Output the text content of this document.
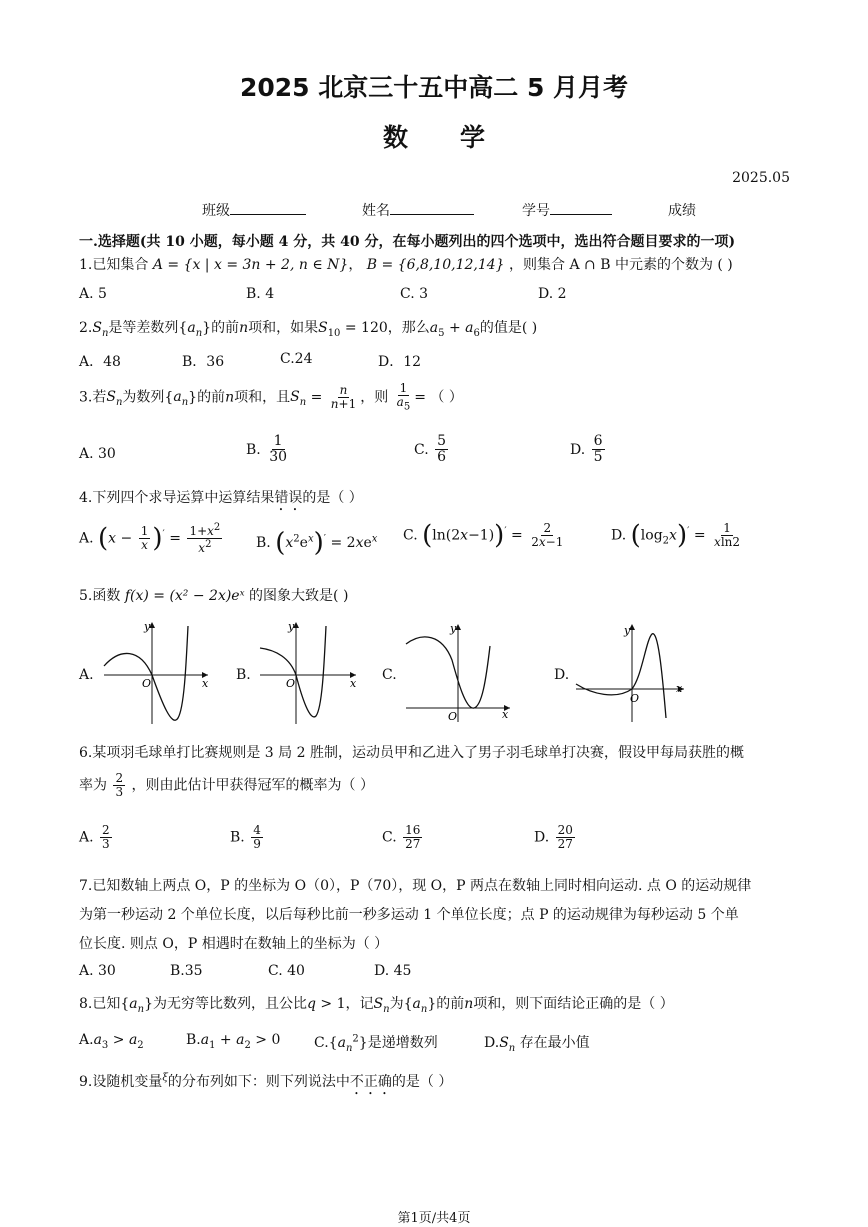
2025 北京三十五中高二 5 月月考
数学
2025.05
班级	姓名	学号	成绩
一.选择题(共 10 小题，每小题 4 分，共 40 分，在每小题列出的四个选项中，选出符合题目要求的一项)
1.已知集合 A = {x | x = 3n + 2, n ∈ N}， B = {6,8,10,12,14} ，则集合 A ∩ B 中元素的个数为 ( )
A. 5	B. 4	C. 3	D. 2
$2.S_n$是等差数列$\{a_n\}$的前n项和，如果$S_{10} = 120$，那么$a_5 + a_6$的值是( )
A．48	B．36	C.24	D．12
3.若$S_n$为数列$\{a_n\}$的前n项和，且$S_n = \frac{n}{n+1}$ ，则 $\frac{1}{a_5}$ = （ ）
A. 30	B. $\frac{1}{30}$	C. $\frac{5}{6}$	D. $\frac{6}{5}$
4.下列四个求导运算中运算结果错误的是（ ）
A. $(x - \frac{1}{x} )' = \frac{1+x^2}{x^2} B$. $(x^2e^x)' = 2xe^x$ C. $(\ln(2x-1))' = \frac{2}{2x-1}$	D. $(\log_2x)' = \frac{1}{xln2}$
5.函数 f(x) = (x² − 2x)eˣ 的图象大致是( )
A.
y
x
O
B.
y
x
O
C.
y
x
O
D.
y
x
O
6.某项羽毛球单打比赛规则是 3 局 2 胜制，运动员甲和乙进入了男子羽毛球单打决赛，假设甲每局获胜的概
率为 $\frac{2}{3}$ ，则由此估计甲获得冠军的概率为（ ）
A. $\frac{2}{3}$	B. $\frac{4}{9}$	C. $\frac{16}{27}$	D. $\frac{20}{27}$
7.已知数轴上两点 O，P 的坐标为 O（0），P（70），现 O，P 两点在数轴上同时相向运动. 点 O 的运动规律
为第一秒运动 2 个单位长度，以后每秒比前一秒多运动 1 个单位长度；点 P 的运动规律为每秒运动 5 个单
位长度. 则点 O，P 相遇时在数轴上的坐标为（ ）
A. 30	B.35	C. 40	D. 45
8.已知$\{a_n\}$为无穷等比数列，且公比q > 1，记$S_n$为$\{a_n\}$的前n项和，则下面结论正确的是（ ）
$A.a_3 > a_2$	$B.a_1 + a_2 > 0$ $C.\{a_n^2\}$是递增数列	$D.S_n$ 存在最小值
9.设随机变量$^\xi$的分布列如下：则下列说法中不正确的是（ ）
第1页/共4页
